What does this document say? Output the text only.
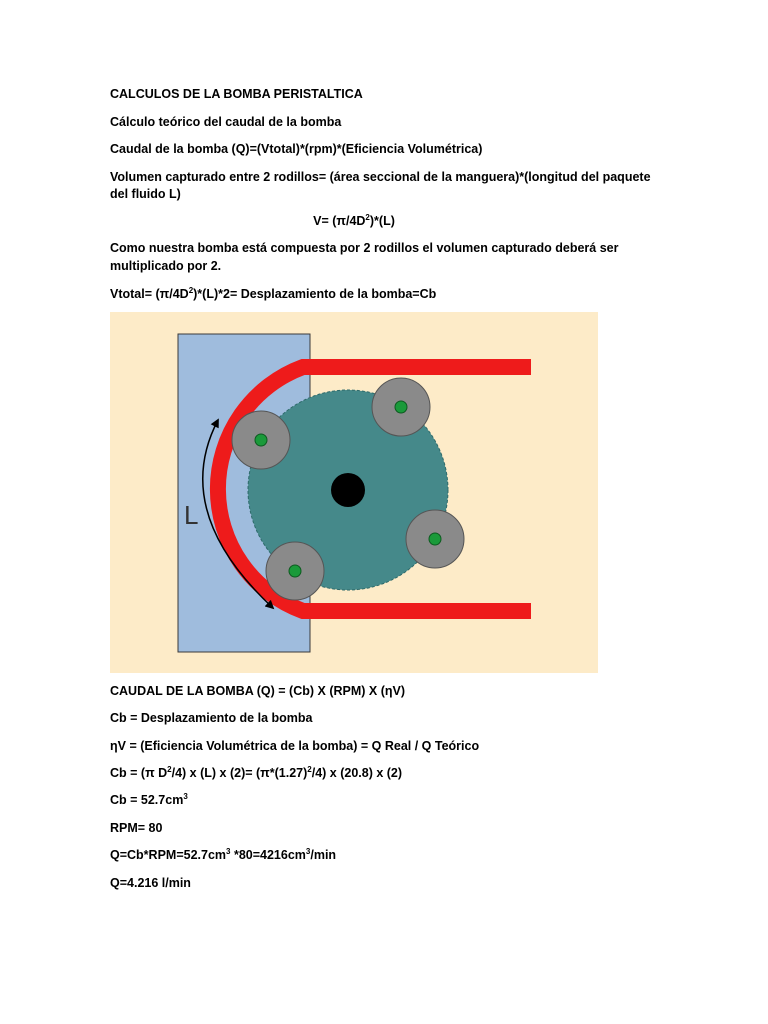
CALCULOS DE LA BOMBA PERISTALTICA
Cálculo teórico del caudal de la bomba
Caudal de la bomba (Q)=(Vtotal)*(rpm)*(Eficiencia Volumétrica)
Volumen capturado entre 2 rodillos= (área seccional de la manguera)*(longitud del paquete
del fluido L)
$V= (\pi/4D^2)*(L)$
Como nuestra bomba está compuesta por 2 rodillos el volumen capturado deberá ser
multiplicado por 2.
Vtotal= $(\pi/4D^2)*(L)*2=$ Desplazamiento de la bomba=Cb
L
CAUDAL DE LA BOMBA (Q) = (Cb) X (RPM) X (ηV)
Cb = Desplazamiento de la bomba
ηV = (Eficiencia Volumétrica de la bomba) = Q Real / Q Teórico
Cb = (π $D^2/4$) x (L) x $(2)= (\pi*(1.27)^2/4)$ x (20.8) x (2)
$Cb = 52.7cm^3$
RPM= 80
$Q=Cb*RPM=52.7cm^3$ $*80=4216cm^3/\min$
Q=4.216 l/min
